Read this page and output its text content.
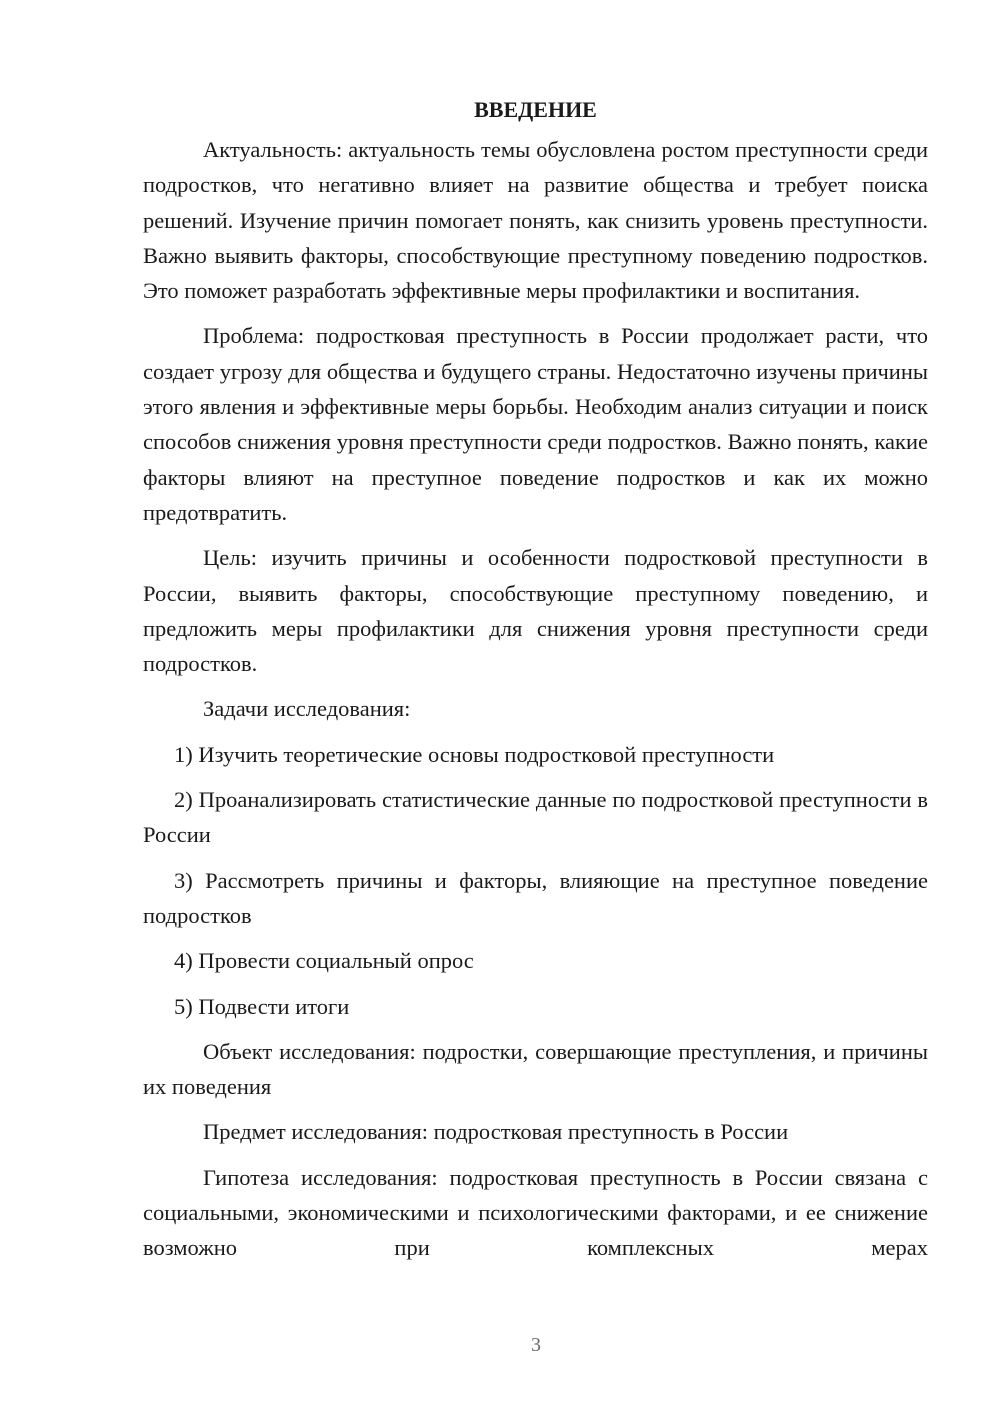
ВВЕДЕНИЕ

Актуальность: актуальность темы обусловлена ростом преступности среди подростков, что негативно влияет на развитие общества и требует поиска решений. Изучение причин помогает понять, как снизить уровень преступности. Важно выявить факторы, способствующие преступному поведению подростков. Это поможет разработать эффективные меры профилактики и воспитания.

Проблема: подростковая преступность в России продолжает расти, что создает угрозу для общества и будущего страны. Недостаточно изучены причины этого явления и эффективные меры борьбы. Необходим анализ ситуации и поиск способов снижения уровня преступности среди подростков. Важно понять, какие факторы влияют на преступное поведение подростков и как их можно предотвратить.

Цель: изучить причины и особенности подростковой преступности в России, выявить факторы, способствующие преступному поведению, и предложить меры профилактики для снижения уровня преступности среди подростков.

Задачи исследования:

1) Изучить теоретические основы подростковой преступности

2) Проанализировать статистические данные по подростковой преступности в России

3) Рассмотреть причины и факторы, влияющие на преступное поведение подростков

4) Провести социальный опрос

5) Подвести итоги

Объект исследования: подростки, совершающие преступления, и причины их поведения

Предмет исследования: подростковая преступность в России

Гипотеза исследования: подростковая преступность в России связана с социальными, экономическими и психологическими факторами, и ее снижение возможно при комплексных мерах

3
